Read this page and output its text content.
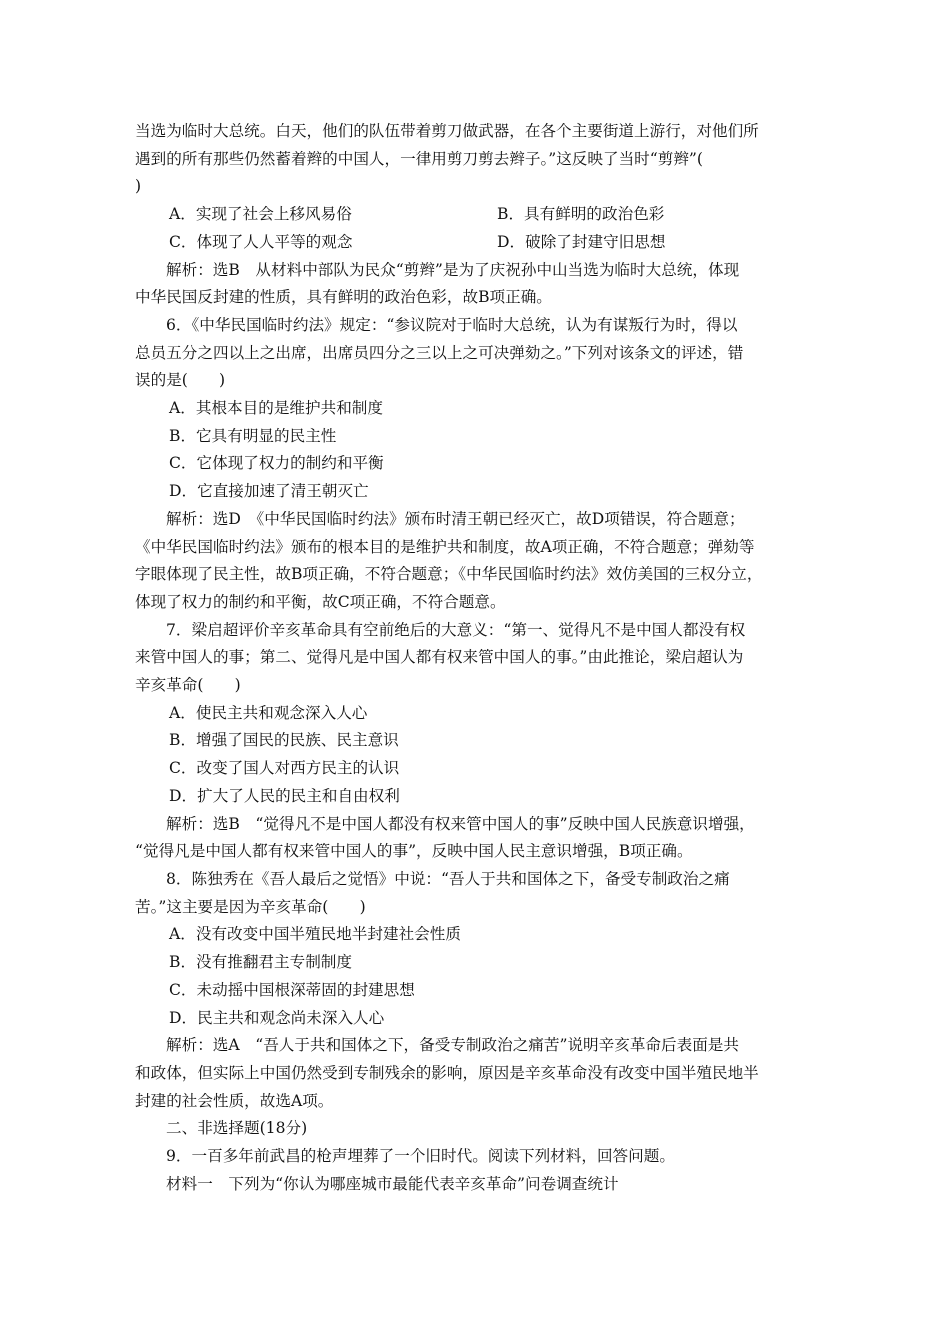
当选为临时大总统。白天，他们的队伍带着剪刀做武器，在各个主要街道上游行，对他们所

遇到的所有那些仍然蓄着辫的中国人，一律用剪刀剪去辫子。”这反映了当时“剪辫”(

)

A．实现了社会上移风易俗	B．具有鲜明的政治色彩

C．体现了人人平等的观念	D．破除了封建守旧思想

解析：选B　从材料中部队为民众“剪辫”是为了庆祝孙中山当选为临时大总统，体现

中华民国反封建的性质，具有鲜明的政治色彩，故B项正确。

6．《中华民国临时约法》规定：“参议院对于临时大总统，认为有谋叛行为时，得以

总员五分之四以上之出席，出席员四分之三以上之可决弹劾之。”下列对该条文的评述，错

误的是(　　)

A．其根本目的是维护共和制度

B．它具有明显的民主性

C．它体现了权力的制约和平衡

D．它直接加速了清王朝灭亡

解析：选D　《中华民国临时约法》颁布时清王朝已经灭亡，故D项错误，符合题意；

《中华民国临时约法》颁布的根本目的是维护共和制度，故A项正确，不符合题意；弹劾等

字眼体现了民主性，故B项正确，不符合题意；《中华民国临时约法》效仿美国的三权分立，

体现了权力的制约和平衡，故C项正确，不符合题意。

7．梁启超评价辛亥革命具有空前绝后的大意义：“第一、觉得凡不是中国人都没有权

来管中国人的事；第二、觉得凡是中国人都有权来管中国人的事。”由此推论，梁启超认为

辛亥革命(　　)

A．使民主共和观念深入人心

B．增强了国民的民族、民主意识

C．改变了国人对西方民主的认识

D．扩大了人民的民主和自由权利

解析：选B　“觉得凡不是中国人都没有权来管中国人的事”反映中国人民族意识增强，

“觉得凡是中国人都有权来管中国人的事”，反映中国人民主意识增强，B项正确。

8．陈独秀在《吾人最后之觉悟》中说：“吾人于共和国体之下，备受专制政治之痛

苦。”这主要是因为辛亥革命(　　)

A．没有改变中国半殖民地半封建社会性质

B．没有推翻君主专制制度

C．未动摇中国根深蒂固的封建思想

D．民主共和观念尚未深入人心

解析：选A　“吾人于共和国体之下，备受专制政治之痛苦”说明辛亥革命后表面是共

和政体，但实际上中国仍然受到专制残余的影响，原因是辛亥革命没有改变中国半殖民地半

封建的社会性质，故选A项。

二、非选择题(18分)

9．一百多年前武昌的枪声埋葬了一个旧时代。阅读下列材料，回答问题。

材料一　下列为“你认为哪座城市最能代表辛亥革命”问卷调查统计
